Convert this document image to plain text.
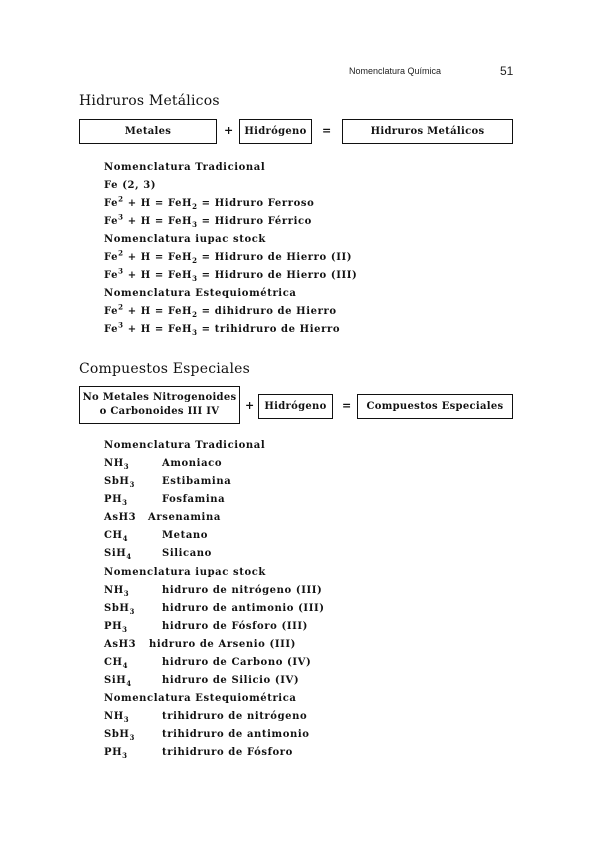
Nomenclatura Química	51
Hidruros Metálicos
Metales	+	Hidrógeno	=	Hidruros Metálicos
Nomenclatura Tradicional
Fe (2, 3)
$Fe^2 + H = FeH_2$ = Hidruro Ferroso
$Fe^3 + H = FeH_3$ = Hidruro Férrico
Nomenclatura iupac stock
$Fe^2 + H = FeH_2$ = Hidruro de Hierro (II)
$Fe^3 + H = FeH_3$ = Hidruro de Hierro (III)
Nomenclatura Estequiométrica
$Fe^2 + H = FeH_2$ = dihidruro de Hierro
$Fe^3 + H = FeH_3$ = trihidruro de Hierro
Compuestos Especiales
No Metales Nitrogenoides
o Carbonoides III IV +	Hidrógeno	=	Compuestos Especiales
Nomenclatura Tradicional
$NH_3$	Amoniaco
SbH$_3$	Estibamina
$PH_3$	Fosfamina
AsH3 Arsenamina
$CH_4$	Metano
SiH$_4$	Silicano
Nomenclatura iupac stock
$NH_3$	hidruro de nitrógeno (III)
SbH$_3$	hidruro de antimonio (III)
$PH_3$	hidruro de Fósforo (III)
AsH3 hidruro de Arsenio (III)
$CH_4$	hidruro de Carbono (IV)
SiH$_4$	hidruro de Silicio (IV)
Nomenclatura Estequiométrica
$NH_3$	trihidruro de nitrógeno
SbH$_3$	trihidruro de antimonio
$PH_3$	trihidruro de Fósforo
